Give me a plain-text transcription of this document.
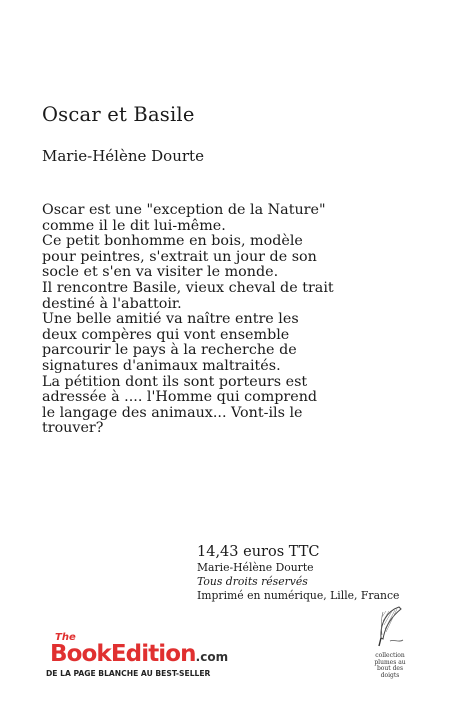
Oscar et Basile
Marie-Hélène Dourte
Oscar est une "exception de la Nature"
comme il le dit lui-même.
Ce petit bonhomme en bois, modèle
pour peintres, s'extrait un jour de son
socle et s'en va visiter le monde.
Il rencontre Basile, vieux cheval de trait
destiné à l'abattoir.
Une belle amitié va naître entre les
deux compères qui vont ensemble
parcourir le pays à la recherche de
signatures d'animaux maltraités.
La pétition dont ils sont porteurs est
adressée à .... l'Homme qui comprend
le langage des animaux... Vont-ils le
trouver?
14,43 euros TTC
Marie-Hélène Dourte
Tous droits réservés
Imprimé en numérique, Lille, France
The
BookEdition.com
DE LA PAGE BLANCHE AU BEST-SELLER
collection
plumes au
bout des
doigts
